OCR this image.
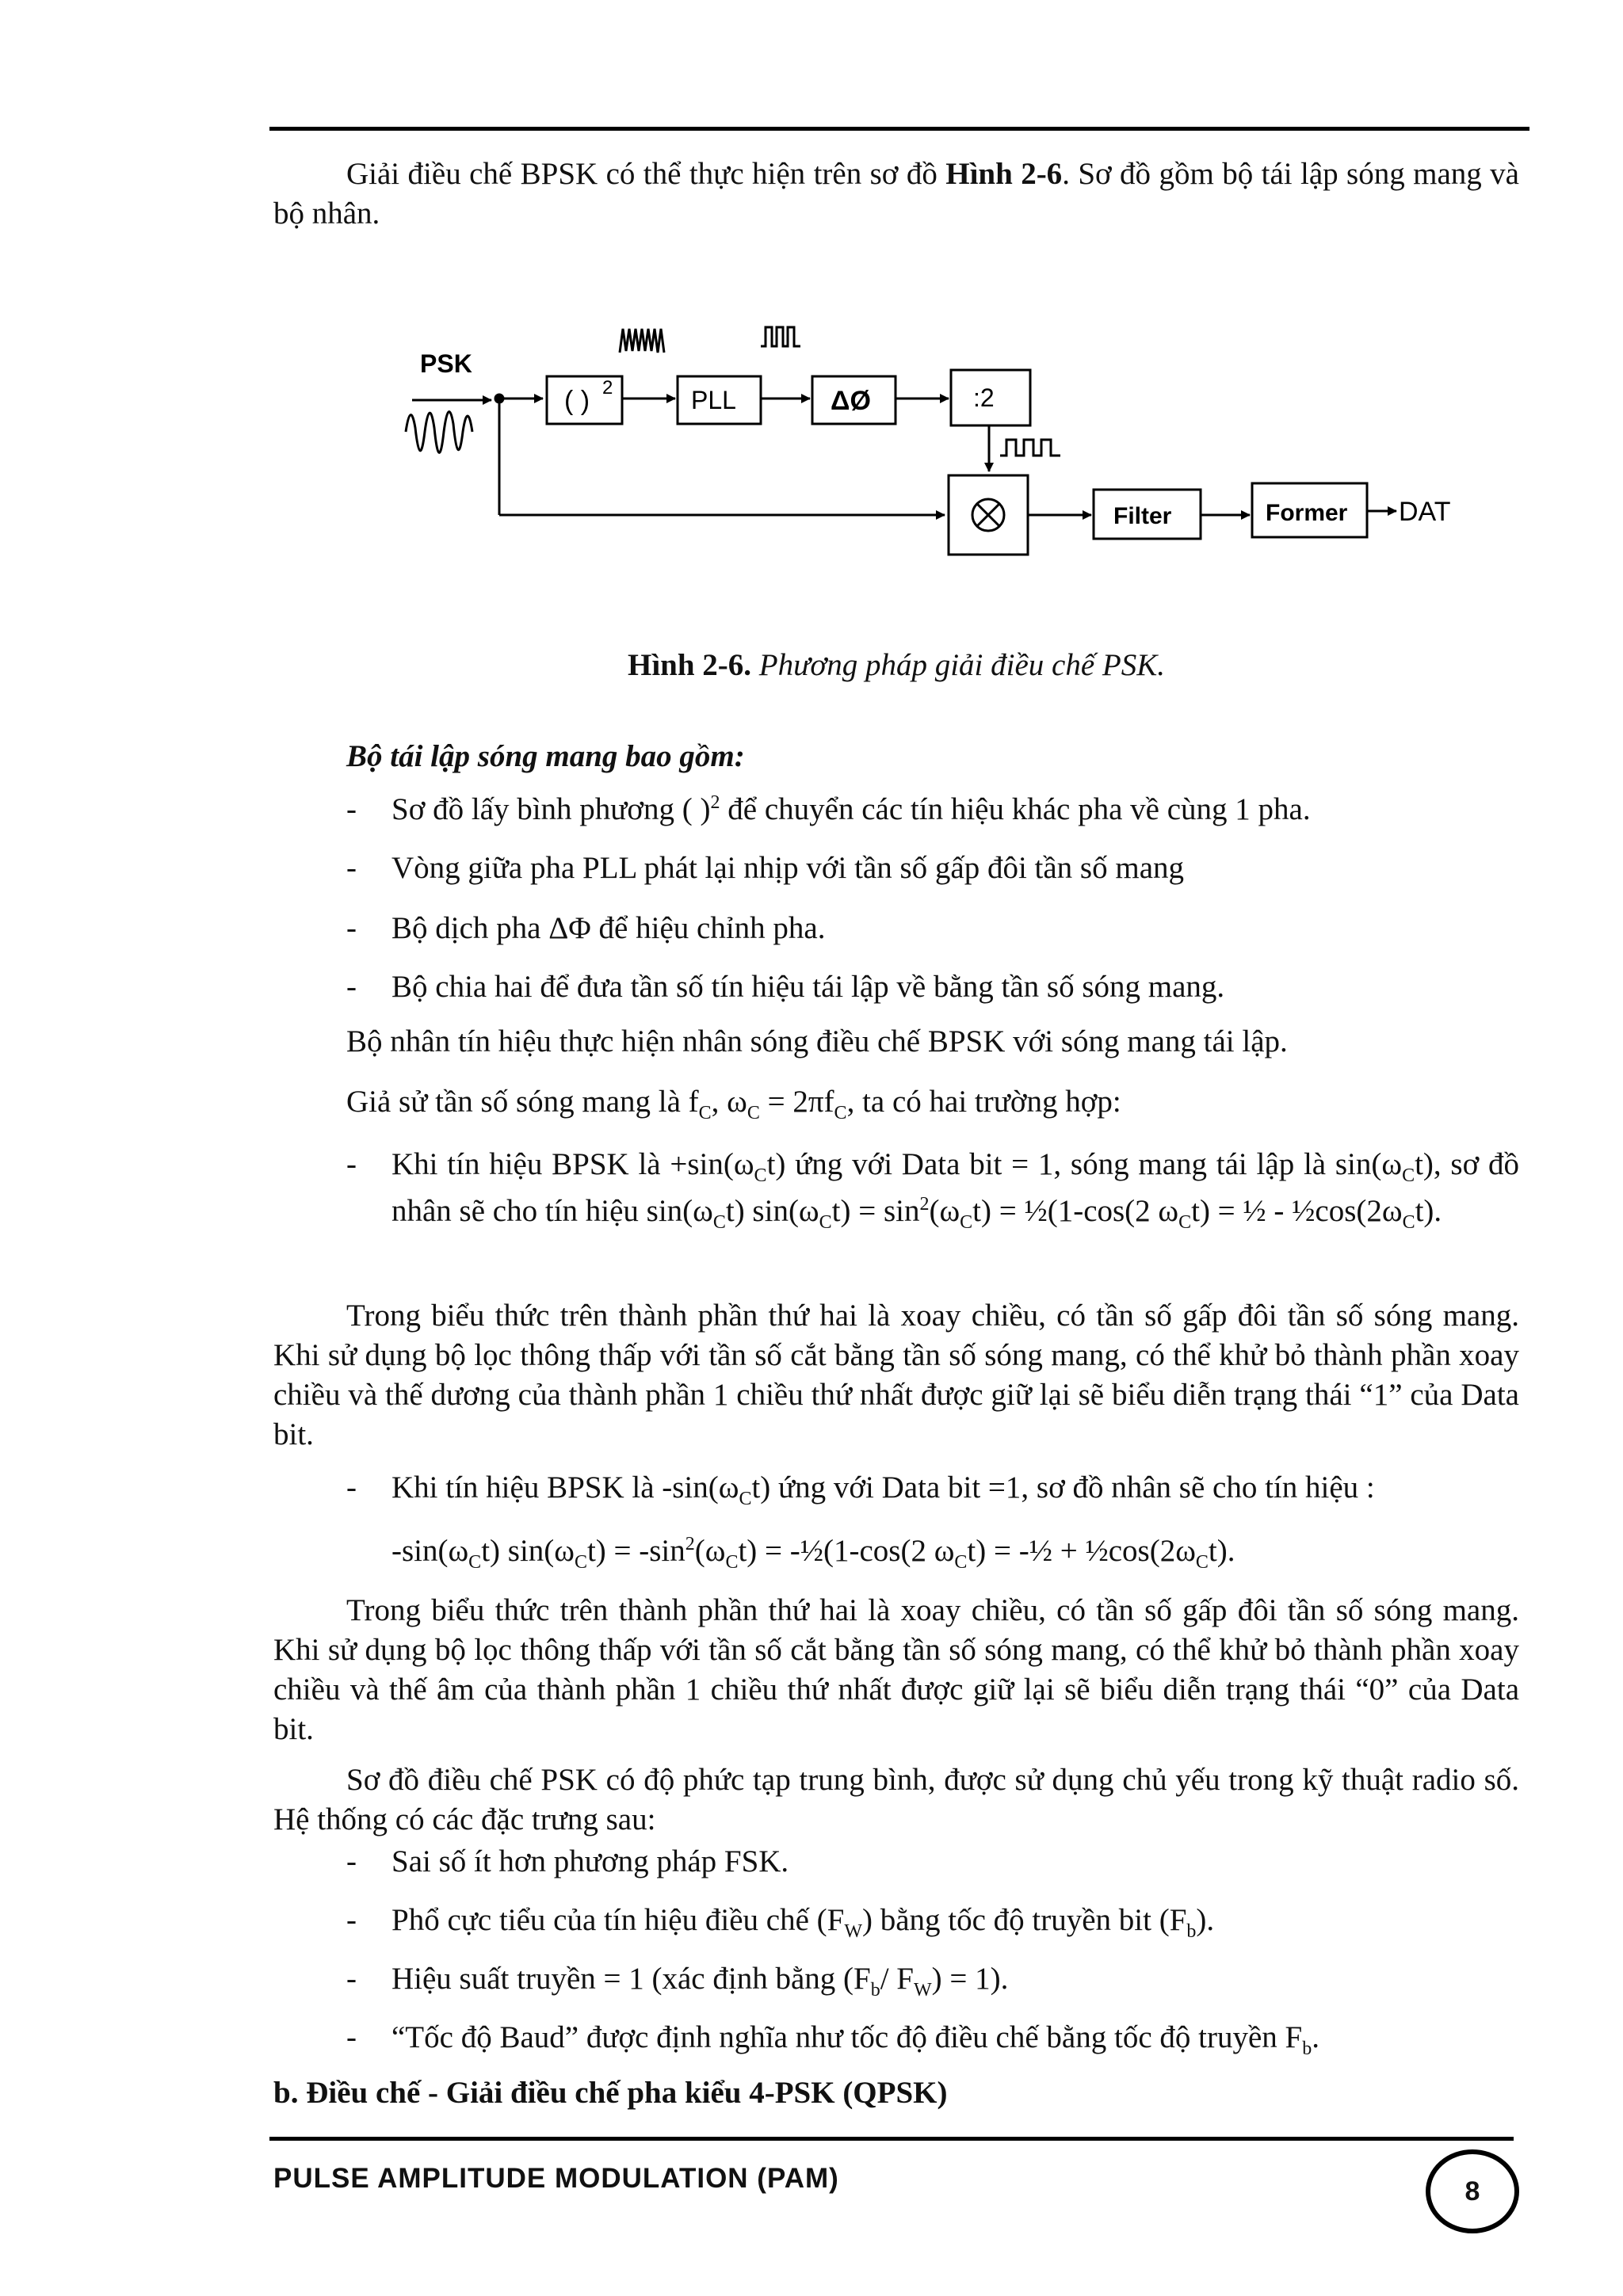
Giải điều chế BPSK có thể thực hiện trên sơ đồ Hình 2-6. Sơ đồ gồm bộ tái lập sóng mang và bộ nhân.
PSK
( ) 2	PLL	ΔØ	:2
Filter	Former DAT
Hình 2-6. Phương pháp giải điều chế PSK.
Bộ tái lập sóng mang bao gồm:
-	Sơ đồ lấy bình phương ( )$^2$ để chuyển các tín hiệu khác pha về cùng 1 pha.
-	Vòng giữa pha PLL phát lại nhịp với tần số gấp đôi tần số mang
-	Bộ dịch pha ΔΦ để hiệu chỉnh pha.
-	Bộ chia hai để đưa tần số tín hiệu tái lập về bằng tần số sóng mang.
Bộ nhân tín hiệu thực hiện nhân sóng điều chế BPSK với sóng mang tái lập.
Giả sử tần số sóng mang là $f_C$, $\omega_C = 2\pi f_C$, ta có hai trường hợp:
-	Khi tín hiệu BPSK là $+\sin(\omega_Ct)$ ứng với Data bit = 1, sóng mang tái lập là $\sin(\omega_Ct)$, sơ đồ nhân sẽ cho tín hiệu $\sin(\omega_Ct) \sin(\omega_Ct) = \sin^2(\omega_Ct)$ = ½(1-cos(2 $\omega_Ct$) = ½ - $\frac{1}{2}\cos(2\omega_Ct)$.
Trong biểu thức trên thành phần thứ hai là xoay chiều, có tần số gấp đôi tần số sóng mang. Khi sử dụng bộ lọc thông thấp với tần số cắt bằng tần số sóng mang, có thể khử bỏ thành phần xoay chiều và thế dương của thành phần 1 chiều thứ nhất được giữ lại sẽ biểu diễn trạng thái “1” của Data bit.
-	Khi tín hiệu BPSK là $-\sin(\omega_Ct)$ ứng với Data bit =1, sơ đồ nhân sẽ cho tín hiệu :
$-\sin(\omega_Ct) \sin(\omega_Ct) = -\sin^2(\omega_Ct)$ = -½(1-cos(2 $\omega_Ct$) = -½ + $\frac{1}{2}\cos(2\omega_Ct)$.
Trong biểu thức trên thành phần thứ hai là xoay chiều, có tần số gấp đôi tần số sóng mang. Khi sử dụng bộ lọc thông thấp với tần số cắt bằng tần số sóng mang, có thể khử bỏ thành phần xoay chiều và thế âm của thành phần 1 chiều thứ nhất được giữ lại sẽ biểu diễn trạng thái “0” của Data bit.
Sơ đồ điều chế PSK có độ phức tạp trung bình, được sử dụng chủ yếu trong kỹ thuật radio số. Hệ thống có các đặc trưng sau:
-	Sai số ít hơn phương pháp FSK.
-	Phổ cực tiểu của tín hiệu điều chế $(F_W)$ bằng tốc độ truyền bit $(F_b)$.
-	Hiệu suất truyền = 1 (xác định bằng ($F_b/$ $F_W) = 1$).
-	“Tốc độ Baud” được định nghĩa như tốc độ điều chế bằng tốc độ truyền $F_b$.
b. Điều chế - Giải điều chế pha kiểu 4-PSK (QPSK)
PULSE AMPLITUDE MODULATION (PAM)	8
